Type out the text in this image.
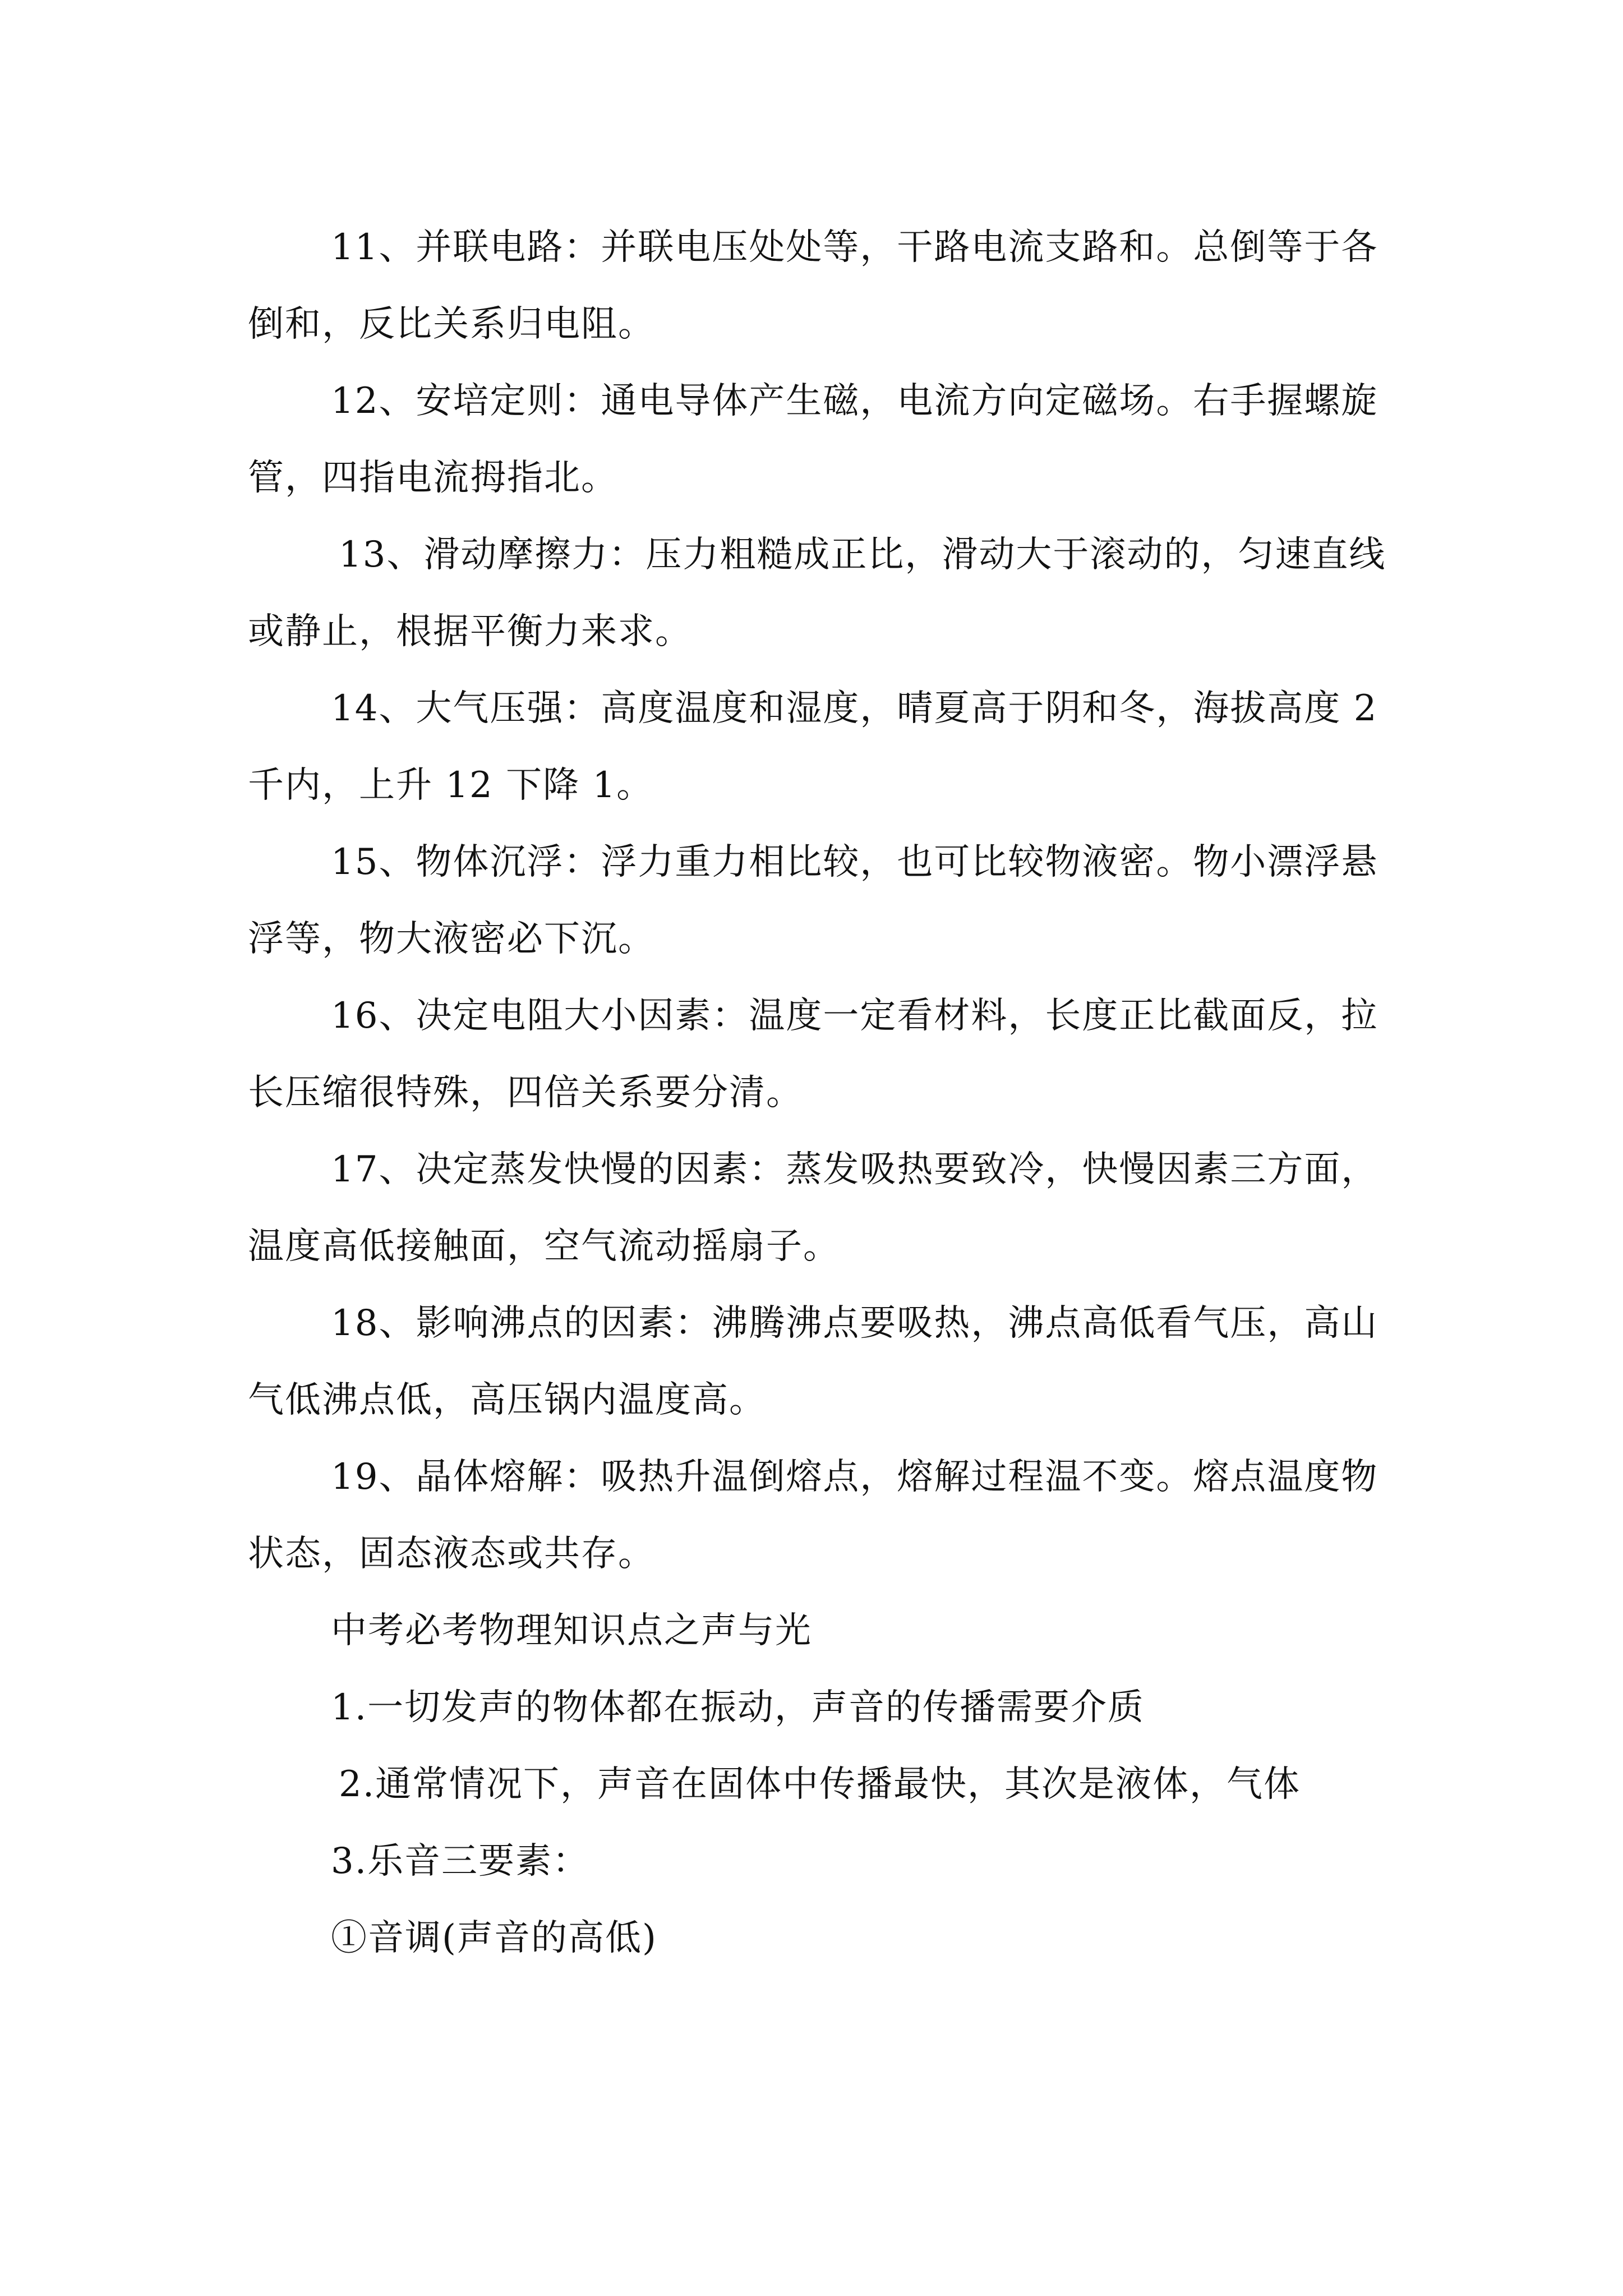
11、并联电路：并联电压处处等，干路电流支路和。总倒等于各倒和，反比关系归电阻。

12、安培定则：通电导体产生磁，电流方向定磁场。右手握螺旋管，四指电流拇指北。

13、滑动摩擦力：压力粗糙成正比，滑动大于滚动的，匀速直线或静止，根据平衡力来求。

14、大气压强：高度温度和湿度，晴夏高于阴和冬，海拔高度 2 千内，上升 12 下降 1。

15、物体沉浮：浮力重力相比较，也可比较物液密。物小漂浮悬浮等，物大液密必下沉。

16、决定电阻大小因素：温度一定看材料，长度正比截面反，拉长压缩很特殊，四倍关系要分清。

17、决定蒸发快慢的因素：蒸发吸热要致冷，快慢因素三方面，温度高低接触面，空气流动摇扇子。

18、影响沸点的因素：沸腾沸点要吸热，沸点高低看气压，高山气低沸点低，高压锅内温度高。

19、晶体熔解：吸热升温倒熔点，熔解过程温不变。熔点温度物状态，固态液态或共存。

中考必考物理知识点之声与光

1.一切发声的物体都在振动，声音的传播需要介质

2.通常情况下，声音在固体中传播最快，其次是液体，气体

3.乐音三要素：

①音调(声音的高低)
